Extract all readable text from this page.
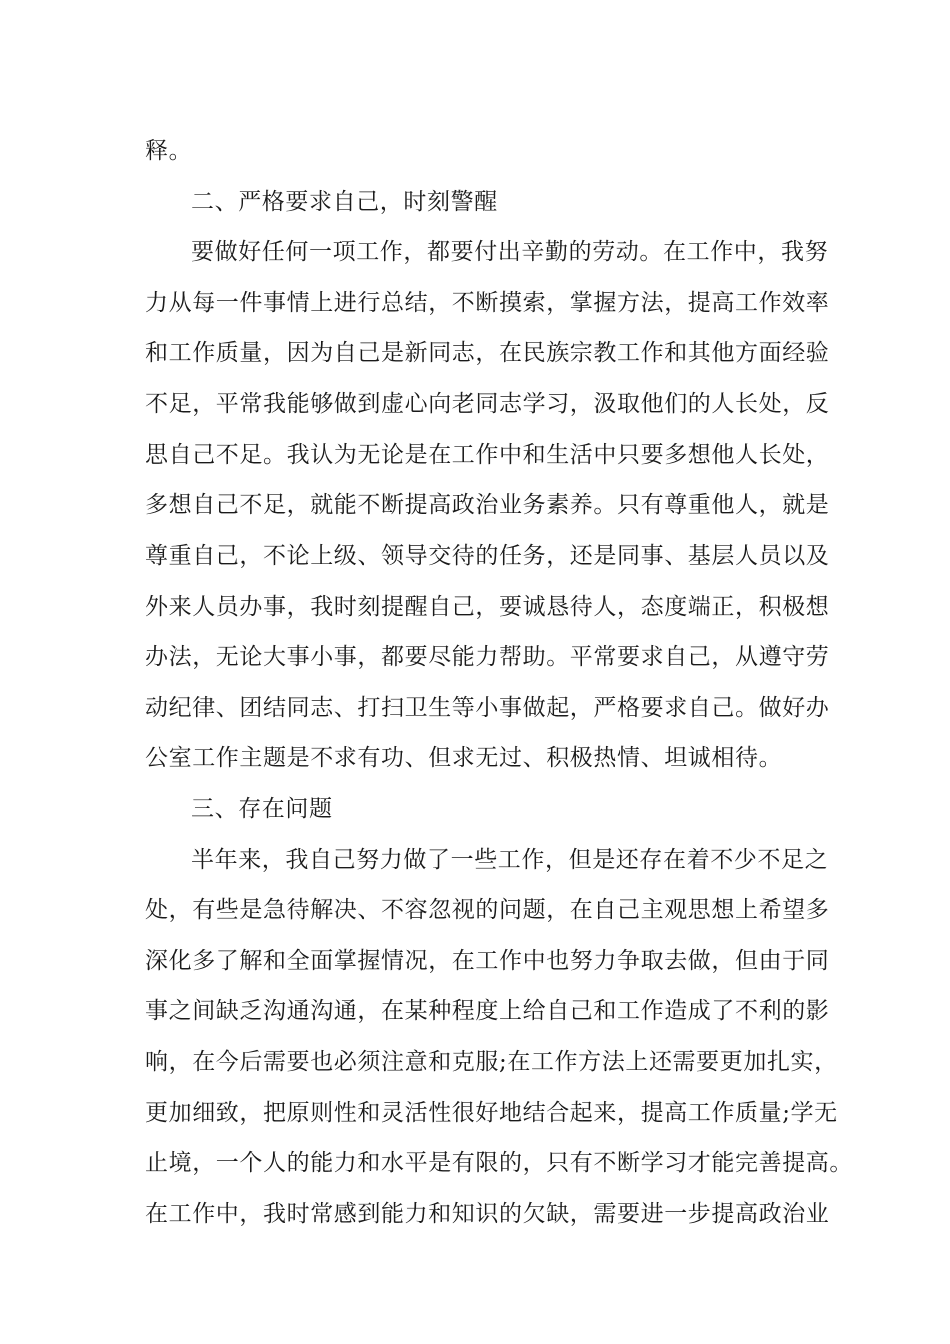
释。
二、严格要求自己，时刻警醒
要做好任何一项工作，都要付出辛勤的劳动。在工作中，我努
力从每一件事情上进行总结，不断摸索，掌握方法，提高工作效率
和工作质量，因为自己是新同志，在民族宗教工作和其他方面经验
不足，平常我能够做到虚心向老同志学习，汲取他们的人长处，反
思自己不足。我认为无论是在工作中和生活中只要多想他人长处，
多想自己不足，就能不断提高政治业务素养。只有尊重他人，就是
尊重自己，不论上级、领导交待的任务，还是同事、基层人员以及
外来人员办事，我时刻提醒自己，要诚恳待人，态度端正，积极想
办法，无论大事小事，都要尽能力帮助。平常要求自己，从遵守劳
动纪律、团结同志、打扫卫生等小事做起，严格要求自己。做好办
公室工作主题是不求有功、但求无过、积极热情、坦诚相待。
三、存在问题
半年来，我自己努力做了一些工作，但是还存在着不少不足之
处，有些是急待解决、不容忽视的问题，在自己主观思想上希望多
深化多了解和全面掌握情况，在工作中也努力争取去做，但由于同
事之间缺乏沟通沟通，在某种程度上给自己和工作造成了不利的影
响，在今后需要也必须注意和克服;在工作方法上还需要更加扎实，
更加细致，把原则性和灵活性很好地结合起来，提高工作质量;学无
止境，一个人的能力和水平是有限的，只有不断学习才能完善提高。
在工作中，我时常感到能力和知识的欠缺，需要进一步提高政治业
